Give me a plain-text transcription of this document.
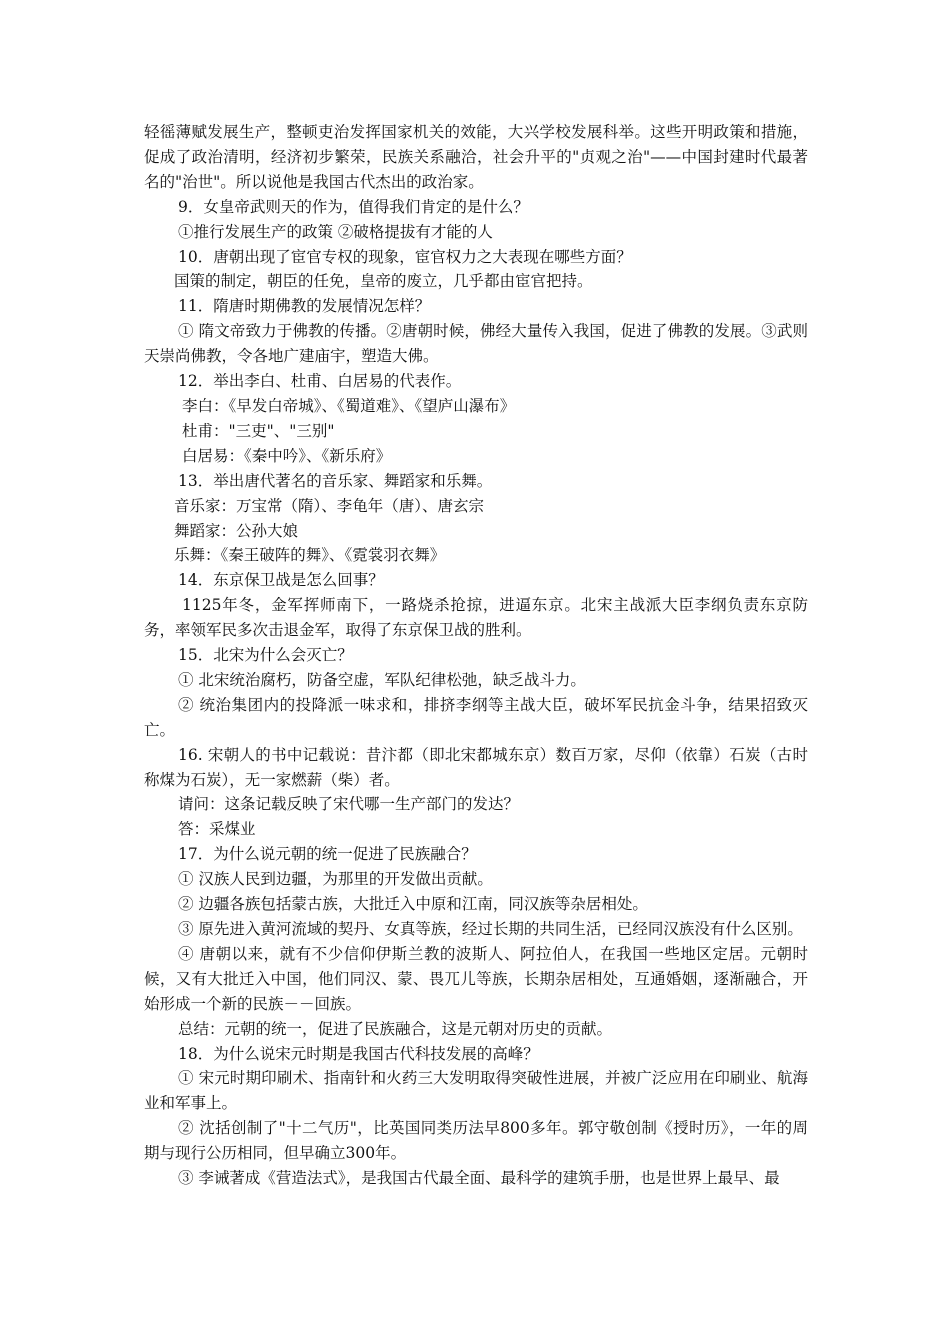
轻徭薄赋发展生产，整顿吏治发挥国家机关的效能，大兴学校发展科举。这些开明政策和措施，促成了政治清明，经济初步繁荣，民族关系融洽，社会升平的"贞观之治"——中国封建时代最著名的"治世"。所以说他是我国古代杰出的政治家。

9．女皇帝武则天的作为，值得我们肯定的是什么？

①推行发展生产的政策 ②破格提拔有才能的人

10．唐朝出现了宦官专权的现象，宦官权力之大表现在哪些方面？

国策的制定，朝臣的任免，皇帝的废立，几乎都由宦官把持。

11．隋唐时期佛教的发展情况怎样？

① 隋文帝致力于佛教的传播。②唐朝时候，佛经大量传入我国，促进了佛教的发展。③武则天崇尚佛教，令各地广建庙宇，塑造大佛。

12．举出李白、杜甫、白居易的代表作。

李白：《早发白帝城》、《蜀道难》、《望庐山瀑布》

杜甫："三吏"、"三别"

白居易：《秦中吟》、《新乐府》

13．举出唐代著名的音乐家、舞蹈家和乐舞。

音乐家：万宝常（隋）、李龟年（唐）、唐玄宗

舞蹈家：公孙大娘

乐舞：《秦王破阵的舞》、《霓裳羽衣舞》

14．东京保卫战是怎么回事？

1125年冬，金军挥师南下，一路烧杀抢掠，进逼东京。北宋主战派大臣李纲负责东京防务，率领军民多次击退金军，取得了东京保卫战的胜利。

15．北宋为什么会灭亡？

① 北宋统治腐朽，防备空虚，军队纪律松弛，缺乏战斗力。

② 统治集团内的投降派一味求和，排挤李纲等主战大臣，破坏军民抗金斗争，结果招致灭亡。

16. 宋朝人的书中记载说：昔汴都（即北宋都城东京）数百万家，尽仰（依靠）石炭（古时称煤为石炭），无一家燃薪（柴）者。

请问：这条记载反映了宋代哪一生产部门的发达？

答：采煤业

17．为什么说元朝的统一促进了民族融合？

① 汉族人民到边疆，为那里的开发做出贡献。

② 边疆各族包括蒙古族，大批迁入中原和江南，同汉族等杂居相处。

③ 原先进入黄河流域的契丹、女真等族，经过长期的共同生活，已经同汉族没有什么区别。

④ 唐朝以来，就有不少信仰伊斯兰教的波斯人、阿拉伯人，在我国一些地区定居。元朝时候，又有大批迁入中国，他们同汉、蒙、畏兀儿等族，长期杂居相处，互通婚姻，逐渐融合，开始形成一个新的民族－－回族。

总结：元朝的统一，促进了民族融合，这是元朝对历史的贡献。

18．为什么说宋元时期是我国古代科技发展的高峰？

① 宋元时期印刷术、指南针和火药三大发明取得突破性进展，并被广泛应用在印刷业、航海业和军事上。

② 沈括创制了"十二气历"，比英国同类历法早800多年。郭守敬创制《授时历》，一年的周期与现行公历相同，但早确立300年。

③ 李诫著成《营造法式》，是我国古代最全面、最科学的建筑手册，也是世界上最早、最
